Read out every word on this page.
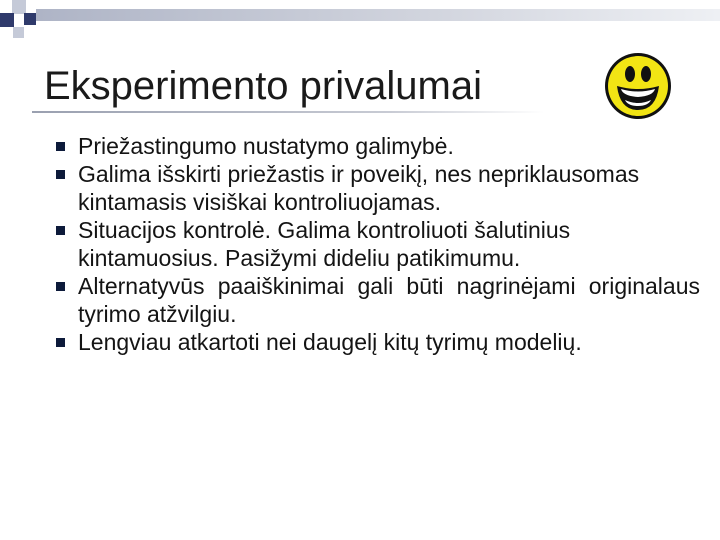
Eksperimento privalumai
Priežastingumo nustatymo galimybė.
Galima išskirti priežastis ir poveikį, nes nepriklausomas kintamasis visiškai kontroliuojamas.
Situacijos kontrolė. Galima kontroliuoti šalutinius kintamuosius. Pasižymi dideliu patikimumu.
Alternatyvūs paaiškinimai gali būti nagrinėjami originalaus tyrimo atžvilgiu.
Lengviau atkartoti nei daugelį kitų tyrimų modelių.
